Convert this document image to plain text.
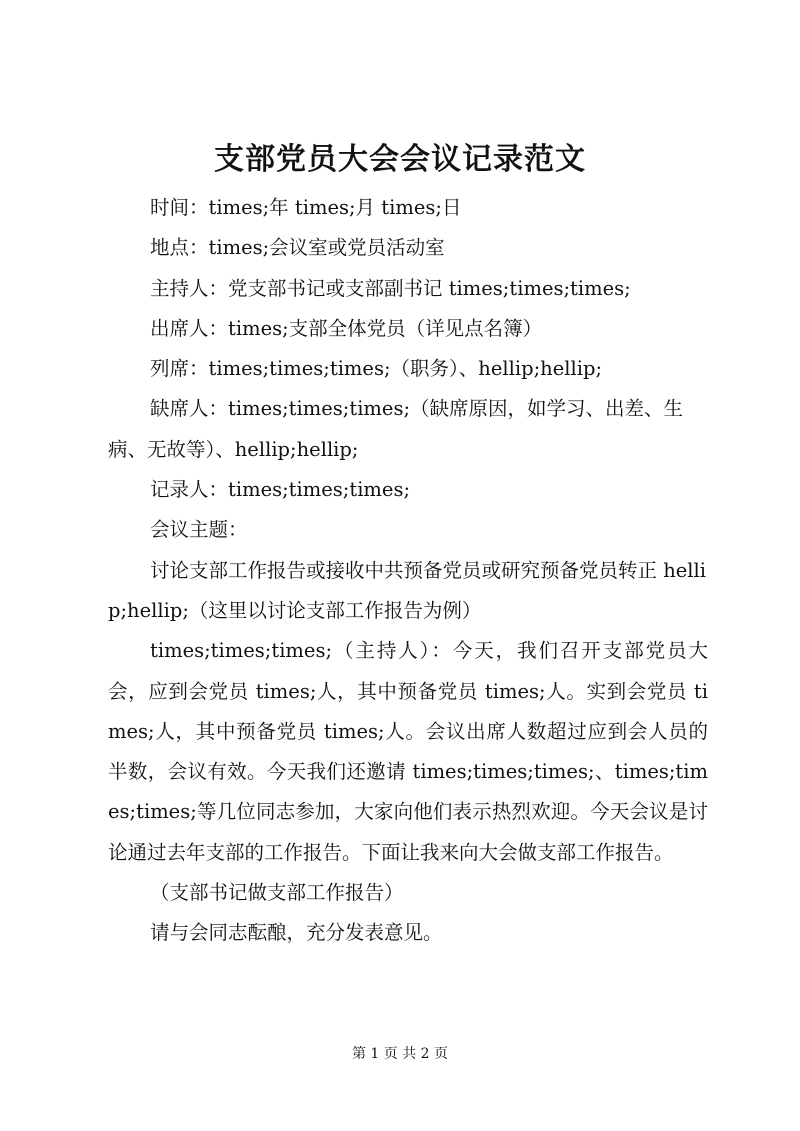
支部党员大会会议记录范文

时间：times;年 times;月 times;日

地点：times;会议室或党员活动室

主持人：党支部书记或支部副书记 times;times;times;

出席人：times;支部全体党员（详见点名簿）

列席：times;times;times;（职务）、hellip;hellip;

缺席人：times;times;times;（缺席原因，如学习、出差、生病、无故等）、hellip;hellip;

记录人：times;times;times;

会议主题：

讨论支部工作报告或接收中共预备党员或研究预备党员转正 hellip;hellip;（这里以讨论支部工作报告为例）

times;times;times;（主持人）：今天，我们召开支部党员大会，应到会党员 times;人，其中预备党员 times;人。实到会党员 times;人，其中预备党员 times;人。会议出席人数超过应到会人员的半数，会议有效。今天我们还邀请 times;times;times;、times;times;times;等几位同志参加，大家向他们表示热烈欢迎。今天会议是讨论通过去年支部的工作报告。下面让我来向大会做支部工作报告。

（支部书记做支部工作报告）

请与会同志酝酿，充分发表意见。

第 1 页 共 2 页
